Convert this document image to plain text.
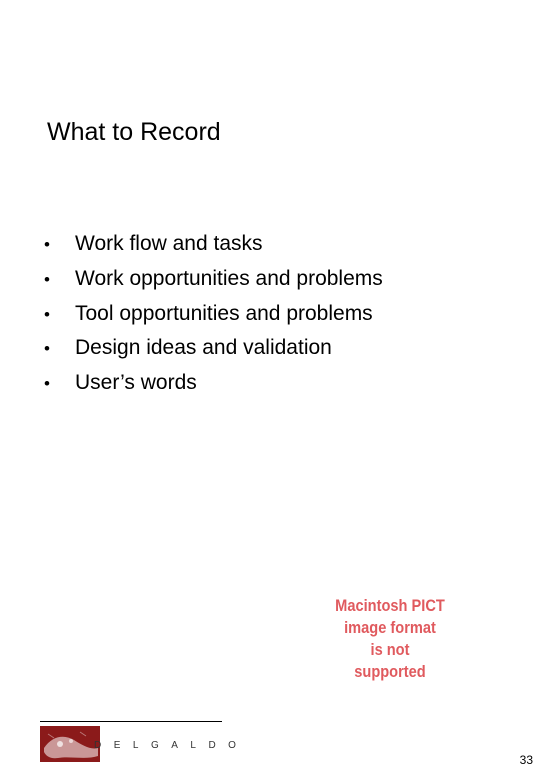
What to Record
•	Work flow and tasks
•	Work opportunities and problems
•	Tool opportunities and problems
•	Design ideas and validation
•	User’s words
Macintosh PICT
image format
is not supported
DELGALDO
33
